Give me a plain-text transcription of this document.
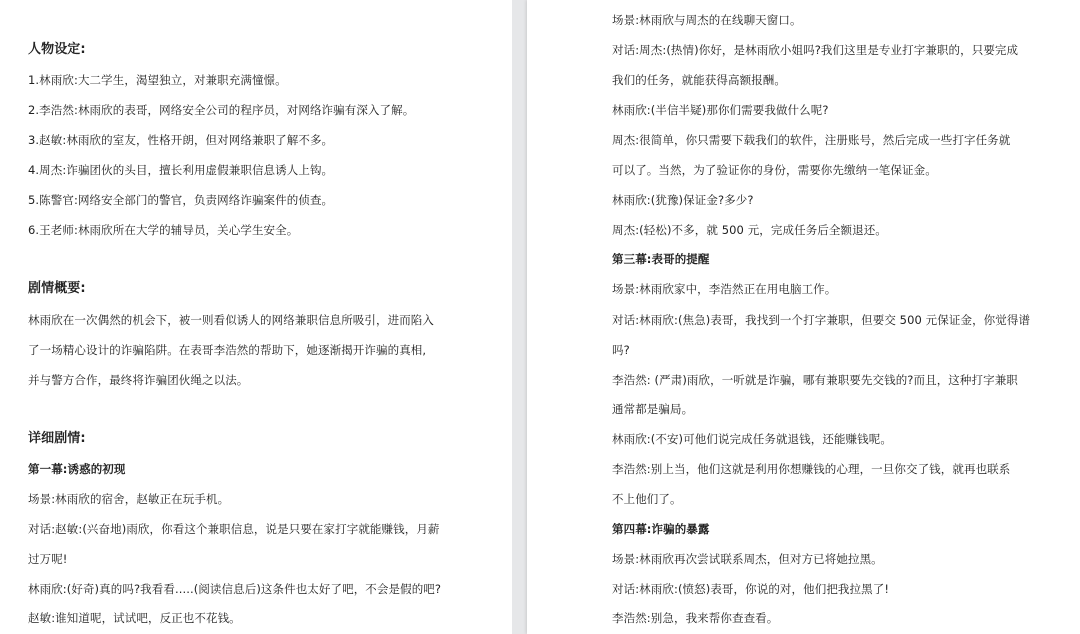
人物设定:
1.林雨欣:大二学生，渴望独立，对兼职充满憧憬。
2.李浩然:林雨欣的表哥，网络安全公司的程序员，对网络诈骗有深入了解。
3.赵敏:林雨欣的室友，性格开朗，但对网络兼职了解不多。
4.周杰:诈骗团伙的头目，擅长利用虚假兼职信息诱人上钩。
5.陈警官:网络安全部门的警官，负责网络诈骗案件的侦查。
6.王老师:林雨欣所在大学的辅导员，关心学生安全。
剧情概要:
林雨欣在一次偶然的机会下，被一则看似诱人的网络兼职信息所吸引，进而陷入
了一场精心设计的诈骗陷阱。在表哥李浩然的帮助下，她逐渐揭开诈骗的真相,
并与警方合作，最终将诈骗团伙绳之以法。
详细剧情:
第一幕:诱惑的初现
场景:林雨欣的宿舍，赵敏正在玩手机。
对话:赵敏:(兴奋地)雨欣，你看这个兼职信息，说是只要在家打字就能赚钱，月薪
过万呢!
林雨欣:(好奇)真的吗?我看看.....(阅读信息后)这条件也太好了吧，不会是假的吧?
赵敏:谁知道呢，试试吧，反正也不花钱。
场景:林雨欣与周杰的在线聊天窗口。
对话:周杰:(热情)你好，是林雨欣小姐吗?我们这里是专业打字兼职的，只要完成
我们的任务，就能获得高额报酬。
林雨欣:(半信半疑)那你们需要我做什么呢?
周杰:很简单，你只需要下载我们的软件，注册账号，然后完成一些打字任务就
可以了。当然，为了验证你的身份，需要你先缴纳一笔保证金。
林雨欣:(犹豫)保证金?多少?
周杰:(轻松)不多，就 500 元，完成任务后全额退还。
第三幕:表哥的提醒
场景:林雨欣家中，李浩然正在用电脑工作。
对话:林雨欣:(焦急)表哥，我找到一个打字兼职，但要交 500 元保证金，你觉得谱
吗?
李浩然: (严肃)雨欣，一听就是诈骗，哪有兼职要先交钱的?而且，这种打字兼职
通常都是骗局。
林雨欣:(不安)可他们说完成任务就退钱，还能赚钱呢。
李浩然:别上当，他们这就是利用你想赚钱的心理，一旦你交了钱，就再也联系
不上他们了。
第四幕:诈骗的暴露
场景:林雨欣再次尝试联系周杰，但对方已将她拉黑。
对话:林雨欣:(愤怒)表哥，你说的对，他们把我拉黑了!
李浩然:别急，我来帮你查查看。
